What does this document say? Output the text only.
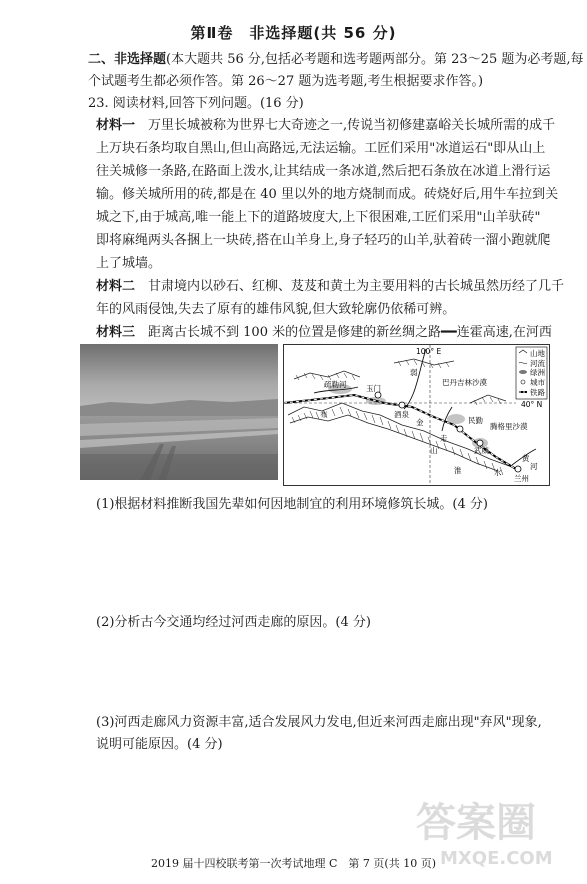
第Ⅱ卷　非选择题(共 56 分)
二、非选择题(本大题共 56 分,包括必考题和选考题两部分。第 23～25 题为必考题,每
个试题考生都必须作答。第 26～27 题为选考题,考生根据要求作答。)
23. 阅读材料,回答下列问题。(16 分)
材料一　 万里长城被称为世界七大奇迹之一,传说当初修建嘉峪关长城所需的成千
上万块石条均取自黑山,但山高路远,无法运输。工匠们采用"冰道运石"即从山上
往关城修一条路,在路面上泼水,让其结成一条冰道,然后把石条放在冰道上滑行运
输。修关城所用的砖,都是在 40 里以外的地方烧制而成。砖烧好后,用牛车拉到关
城之下,由于城高,唯一能上下的道路坡度大,上下很困难,工匠们采用"山羊驮砖"
即将麻绳两头各捆上一块砖,搭在山羊身上,身子轻巧的山羊,驮着砖一溜小跑就爬
上了城墙。
材料二　 甘肃境内以砂石、红柳、芨芨和黄土为主要用料的古长城虽然历经了几千
年的风雨侵蚀,失去了原有的雄伟风貌,但大致轮廓仍依稀可辨。
材料三　 距离古长城不到 100 米的位置是修建的新丝绸之路━━连霍高速,在河西
100° E
40° N
山地
河流
绿洲
城市
铁路
疏勒河	玉门
酒泉
巴丹吉林沙漠
腾格里沙漠
民勤
武威
兰州
黄
河
水
淮
布
金
走
山
弱
(1)根据材料推断我国先辈如何因地制宜的利用环境修筑长城。(4 分)
(2)分析古今交通均经过河西走廊的原因。(4 分)
(3)河西走廊风力资源丰富,适合发展风力发电,但近来河西走廊出现"弃风"现象,
说明可能原因。(4 分)
答案圈
MXQE.COM
2019 届十四校联考第一次考试地理 C　第 7 页(共 10 页)
